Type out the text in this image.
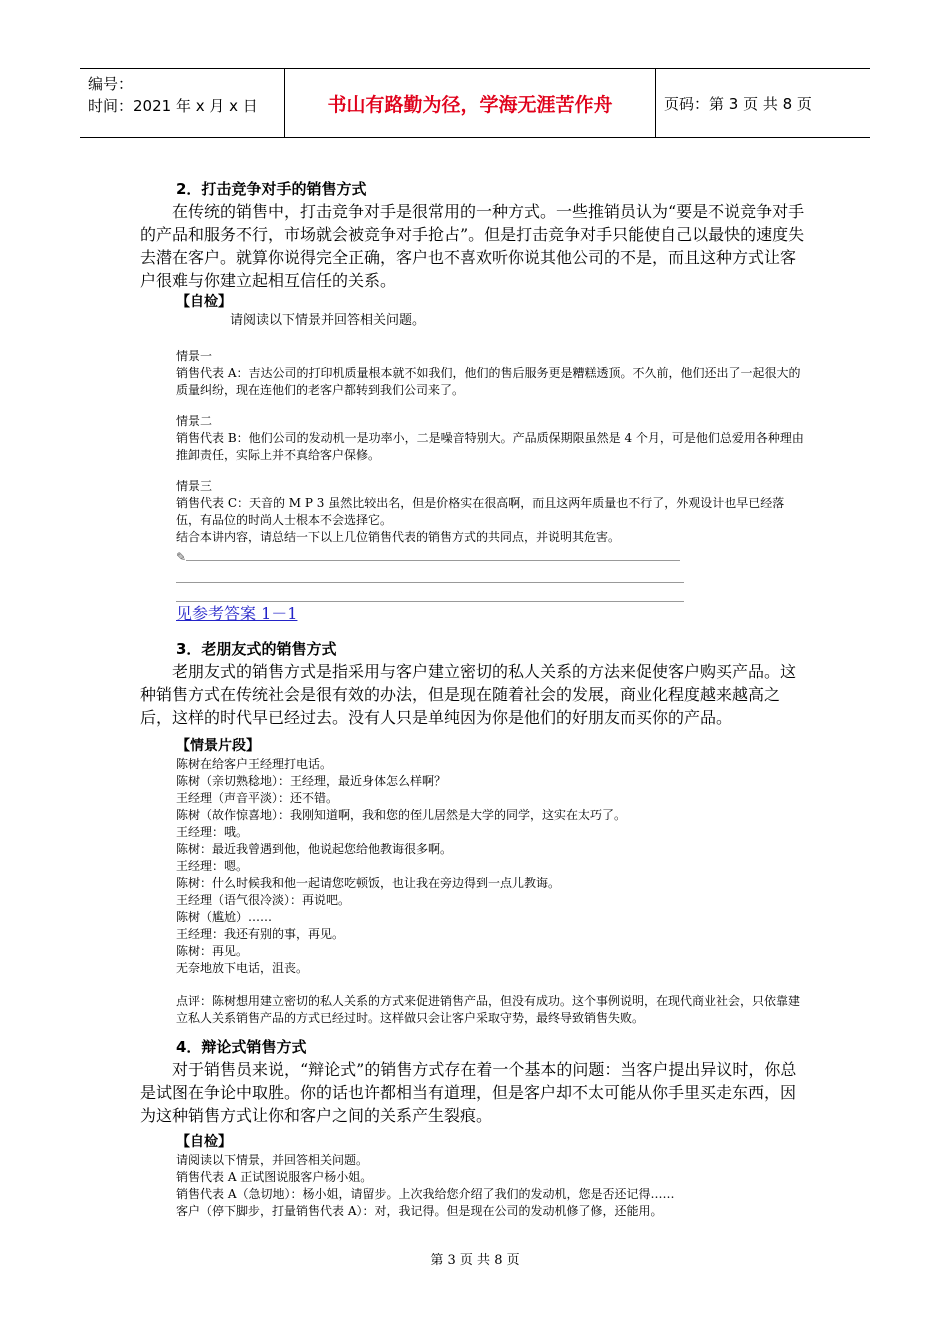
编号：
时间：2021 年 x 月 x 日	书山有路勤为径，学海无涯苦作舟	页码：第 3 页 共 8 页
2．打击竞争对手的销售方式

在传统的销售中，打击竞争对手是很常用的一种方式。一些推销员认为“要是不说竞争对手的产品和服务不行，市场就会被竞争对手抢占”。但是打击竞争对手只能使自己以最快的速度失去潜在客户。就算你说得完全正确，客户也不喜欢听你说其他公司的不是，而且这种方式让客户很难与你建立起相互信任的关系。

【自检】

请阅读以下情景并回答相关问题。

情景一

销售代表 A：吉达公司的打印机质量根本就不如我们，他们的售后服务更是糟糕透顶。不久前，他们还出了一起很大的质量纠纷，现在连他们的老客户都转到我们公司来了。

情景二

销售代表 B：他们公司的发动机一是功率小，二是噪音特别大。产品质保期限虽然是 4 个月，可是他们总爱用各种理由推卸责任，实际上并不真给客户保修。

情景三

销售代表 C：天音的 M P 3 虽然比较出名，但是价格实在很高啊，而且这两年质量也不行了，外观设计也早已经落伍，有品位的时尚人士根本不会选择它。

结合本讲内容，请总结一下以上几位销售代表的销售方式的共同点，并说明其危害。

✎
见参考答案 1－1
3．老朋友式的销售方式

老朋友式的销售方式是指采用与客户建立密切的私人关系的方法来促使客户购买产品。这种销售方式在传统社会是很有效的办法，但是现在随着社会的发展，商业化程度越来越高之后，这样的时代早已经过去。没有人只是单纯因为你是他们的好朋友而买你的产品。

【情景片段】

陈树在给客户王经理打电话。

陈树（亲切熟稔地）：王经理，最近身体怎么样啊？

王经理（声音平淡）：还不错。

陈树（故作惊喜地）：我刚知道啊，我和您的侄儿居然是大学的同学，这实在太巧了。

王经理：哦。

陈树：最近我曾遇到他，他说起您给他教诲很多啊。

王经理：嗯。

陈树：什么时候我和他一起请您吃顿饭，也让我在旁边得到一点儿教诲。

王经理（语气很冷淡）：再说吧。

陈树（尴尬）……

王经理：我还有别的事，再见。

陈树：再见。

无奈地放下电话，沮丧。

点评：陈树想用建立密切的私人关系的方式来促进销售产品，但没有成功。这个事例说明，在现代商业社会，只依靠建立私人关系销售产品的方式已经过时。这样做只会让客户采取守势，最终导致销售失败。

4．辩论式销售方式

对于销售员来说，“辩论式”的销售方式存在着一个基本的问题：当客户提出异议时，你总是试图在争论中取胜。你的话也许都相当有道理，但是客户却不太可能从你手里买走东西，因为这种销售方式让你和客户之间的关系产生裂痕。

【自检】

请阅读以下情景，并回答相关问题。

销售代表 A 正试图说服客户杨小姐。

销售代表 A（急切地）：杨小姐，请留步。上次我给您介绍了我们的发动机，您是否还记得……

客户（停下脚步，打量销售代表 A）：对，我记得。但是现在公司的发动机修了修，还能用。

第 3 页 共 8 页
